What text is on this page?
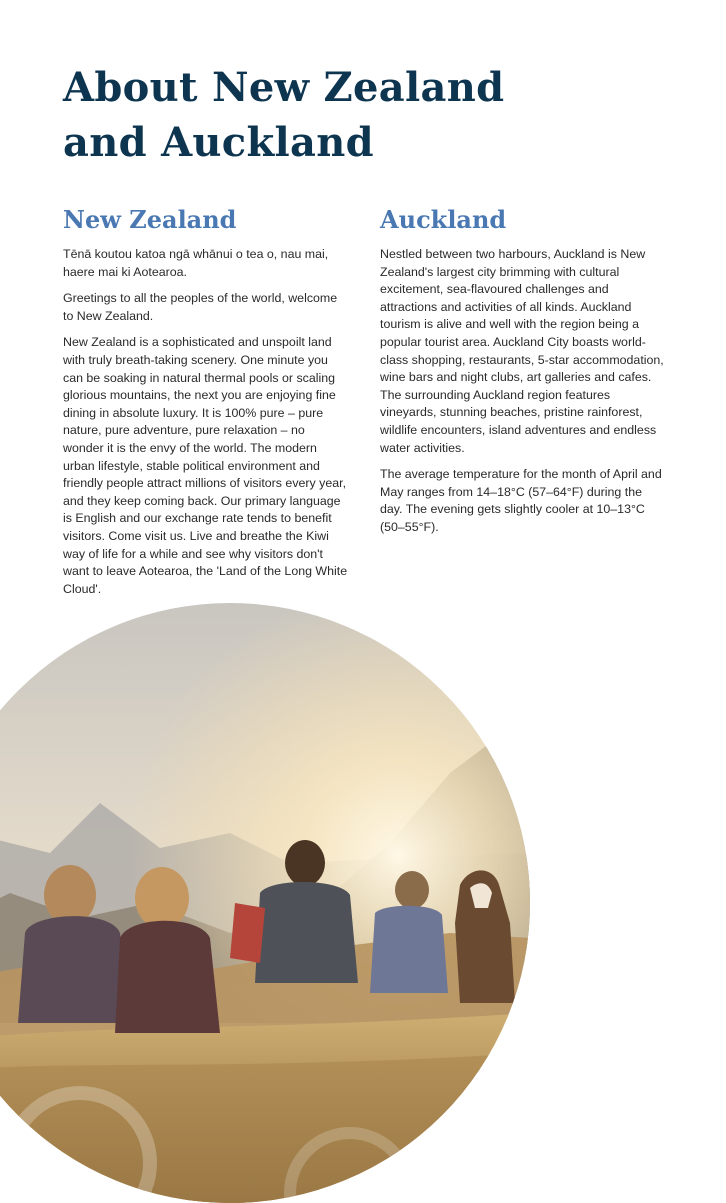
About New Zealand and Auckland
New Zealand

Tēnā koutou katoa ngā whānui o tea o, nau mai, haere mai ki Aotearoa.

Greetings to all the peoples of the world, welcome to New Zealand.

New Zealand is a sophisticated and unspoilt land with truly breath-taking scenery. One minute you can be soaking in natural thermal pools or scaling glorious mountains, the next you are enjoying fine dining in absolute luxury. It is 100% pure – pure nature, pure adventure, pure relaxation – no wonder it is the envy of the world. The modern urban lifestyle, stable political environment and friendly people attract millions of visitors every year, and they keep coming back. Our primary language is English and our exchange rate tends to benefit visitors. Come visit us. Live and breathe the Kiwi way of life for a while and see why visitors don't want to leave Aotearoa, the 'Land of the Long White Cloud'.

Auckland

Nestled between two harbours, Auckland is New Zealand's largest city brimming with cultural excitement, sea-flavoured challenges and attractions and activities of all kinds. Auckland tourism is alive and well with the region being a popular tourist area. Auckland City boasts world-class shopping, restaurants, 5-star accommodation, wine bars and night clubs, art galleries and cafes. The surrounding Auckland region features vineyards, stunning beaches, pristine rainforest, wildlife encounters, island adventures and endless water activities.

The average temperature for the month of April and May ranges from 14–18°C (57–64°F) during the day. The evening gets slightly cooler at 10–13°C (50–55°F).
